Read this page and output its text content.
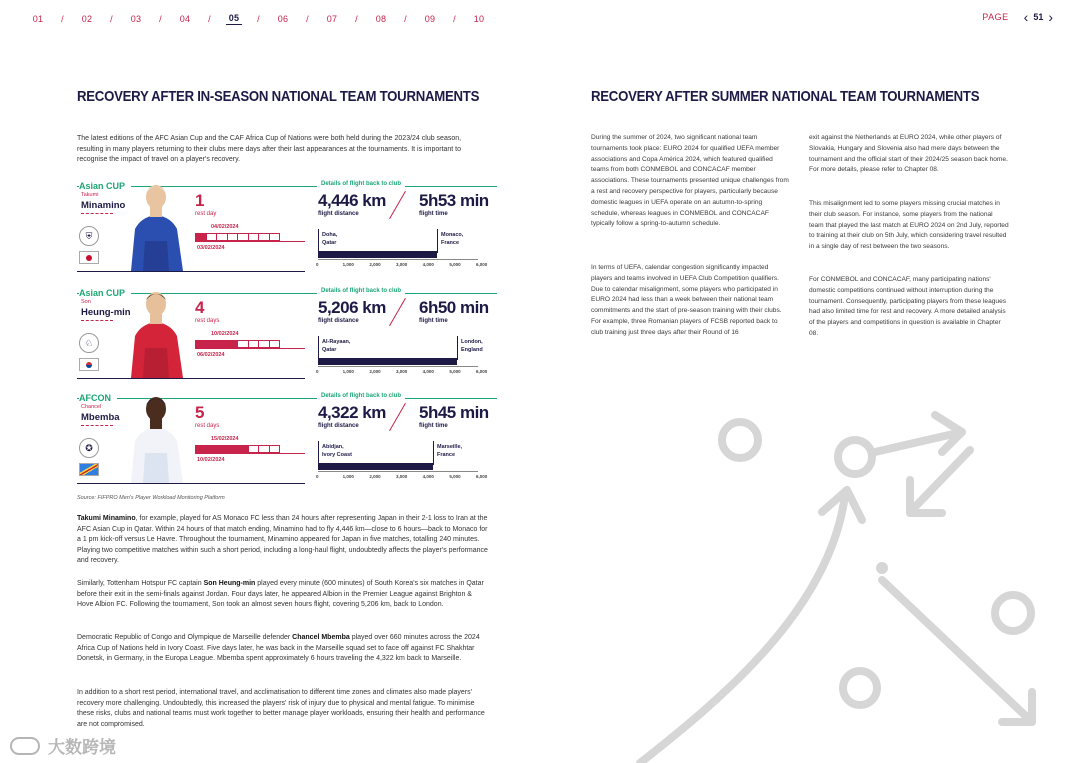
01	/	02	/	03	/	04	/	05	/	06	/	07	/	08	/	09	/	10	PAGE ‹ 51 ›
RECOVERY AFTER IN-SEASON NATIONAL TEAM TOURNAMENTS
The latest editions of the AFC Asian Cup and the CAF Africa Cup of Nations were both held during the 2023/24 club season, resulting in many players returning to their clubs mere days after their last appearances at the tournaments. It is important to recognise the impact of travel on a player's recovery.
Asian CUP
Takumi
Minamino
⛨
1
rest day
04/02/2024
03/02/2024
Details of flight back to club
4,446 km
flight distance
5h53 min
flight time
Doha,
Qatar
Monaco,
France
0	1,000	2,000	3,000	4,000	5,000	6,000
Asian CUP
Son
Heung-min
♘
4
rest days
10/02/2024
06/02/2024
Details of flight back to club
5,206 km
flight distance
6h50 min
flight time
Al-Rayaan,
Qatar
London,
England
0	1,000	2,000	3,000	4,000	5,000	6,000
AFCON
Chancel
Mbemba
✪
5
rest days
15/02/2024
10/02/2024
Details of flight back to club
4,322 km
flight distance
5h45 min
flight time
Abidjan,
Ivory Coast
Marseille,
France
0	1,000	2,000	3,000	4,000	5,000	6,000
Source: FIFPRO Men's Player Workload Monitoring Platform
Takumi Minamino, for example, played for AS Monaco FC less than 24 hours after representing Japan in their 2-1 loss to Iran at the AFC Asian Cup in Qatar. Within 24 hours of that match ending, Minamino had to fly 4,446 km—close to 6 hours—back to Monaco for a 1 pm kick-off versus Le Havre. Throughout the tournament, Minamino appeared for Japan in five matches, totalling 240 minutes. Playing two competitive matches within such a short period, including a long-haul flight, undoubtedly affects the player's performance and recovery.
Similarly, Tottenham Hotspur FC captain Son Heung-min played every minute (600 minutes) of South Korea's six matches in Qatar before their exit in the semi-finals against Jordan. Four days later, he appeared Albion in the Premier League against Brighton & Hove Albion FC. Following the tournament, Son took an almost seven hours flight, covering 5,206 km, back to London.
Democratic Republic of Congo and Olympique de Marseille defender Chancel Mbemba played over 660 minutes across the 2024 Africa Cup of Nations held in Ivory Coast. Five days later, he was back in the Marseille squad set to face off against FC Shakhtar Donetsk, in Germany, in the Europa League. Mbemba spent approximately 6 hours traveling the 4,322 km back to Marseille.
In addition to a short rest period, international travel, and acclimatisation to different time zones and climates also made players' recovery more challenging. Undoubtedly, this increased the players' risk of injury due to physical and mental fatigue. To minimise these risks, clubs and national teams must work together to better manage player workloads, ensuring their health and performance are not compromised.
RECOVERY AFTER SUMMER NATIONAL TEAM TOURNAMENTS
During the summer of 2024, two significant national team tournaments took place: EURO 2024 for qualified UEFA member associations and Copa América 2024, which featured qualified teams from both CONMEBOL and CONCACAF member associations. These tournaments presented unique challenges from a rest and recovery perspective for players, particularly because domestic leagues in UEFA operate on an autumn-to-spring schedule, whereas leagues in CONMEBOL and CONCACAF typically follow a spring-to-autumn schedule.
In terms of UEFA, calendar congestion significantly impacted players and teams involved in UEFA Club Competition qualifiers. Due to calendar misalignment, some players who participated in EURO 2024 had less than a week between their national team commitments and the start of pre-season training with their clubs. For example, three Romanian players of FCSB reported back to club training just three days after their Round of 16
exit against the Netherlands at EURO 2024, while other players of Slovakia, Hungary and Slovenia also had mere days between the tournament and the official start of their 2024/25 season back home. For more details, please refer to Chapter 08.
This misalignment led to some players missing crucial matches in their club season. For instance, some players from the national team that played the last match at EURO 2024 on 2nd July, reported to training at their club on 5th July, which considering travel resulted in a single day of rest between the two seasons.
For CONMEBOL and CONCACAF, many participating nations' domestic competitions continued without interruption during the tournament. Consequently, participating players from these leagues had also limited time for rest and recovery. A more detailed analysis of the players and competitions in question is available in Chapter 08.
大数跨境
